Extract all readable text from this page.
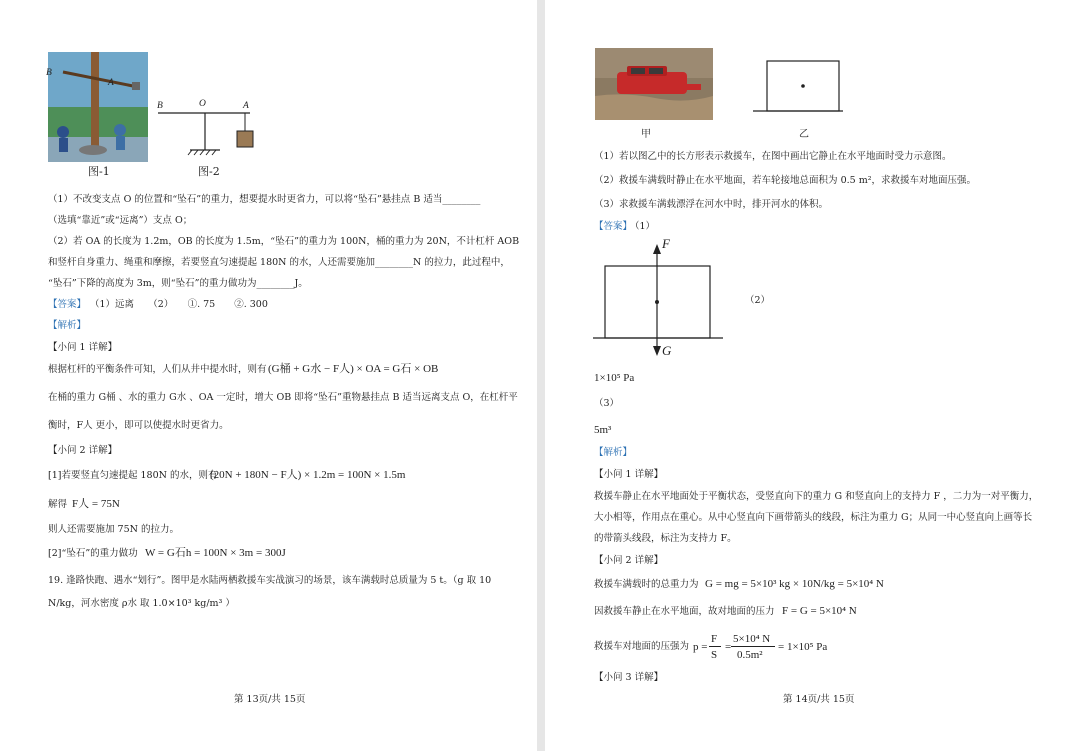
B
A
图-1
B	O	A
图-2
（1）不改变支点 O 的位置和“坠石”的重力，想要提水时更省力，可以将“坠石”悬挂点 B 适当________
（选填“靠近”或“远离”）支点 O；
（2）若 OA 的长度为 1.2m，OB 的长度为 1.5m，“坠石”的重力为 100N，桶的重力为 20N，不计杠杆 AOB
和竖杆自身重力、绳重和摩擦，若要竖直匀速提起 180N 的水，人还需要施加________N 的拉力，此过程中，
“坠石”下降的高度为 3m，则“坠石”的重力做功为________J。
【答案】 （1）远离　　（2）　　①. 75　　②. 300
【解析】
【小问 1 详解】
根据杠杆的平衡条件可知，人们从井中提水时，则有 (G桶 + G水 − F人) × OA = G石 × OB
在桶的重力 G桶 、水的重力 G水 、OA 一定时，增大 OB 即将“坠石”重物悬挂点 B 适当远离支点 O，在杠杆平
衡时，F人 更小，即可以使提水时更省力。
【小问 2 详解】
[1]若要竖直匀速提起 180N 的水，则有
(20N + 180N − F人) × 1.2m = 100N × 1.5m
解得 F人 = 75N
则人还需要施加 75N 的拉力。
[2]“坠石”的重力做功 W = G石h = 100N × 3m = 300J
19. 逢路快跑、遇水“划行”。图甲是水陆两栖救援车实战演习的场景，该车满载时总质量为 5 t。（g 取 10
N/kg，河水密度 ρ水 取 1.0×10³ kg/m³ ）
第 13页/共 15页
甲	乙
（1）若以图乙中的长方形表示救援车，在图中画出它静止在水平地面时受力示意图。
（2）救援车满载时静止在水平地面，若车轮接地总面积为 0.5 m²，求救援车对地面压强。
（3）求救援车满载漂浮在河水中时，排开河水的体积。
【答案】
（1）
F
G
（2）
1×10⁵ Pa
（3）
5m³
【解析】
【小问 1 详解】
救援车静止在水平地面处于平衡状态，受竖直向下的重力 G 和竖直向上的支持力 F ，二力为一对平衡力，
大小相等，作用点在重心。从中心竖直向下画带箭头的线段，标注为重力 G；从同一中心竖直向上画等长
的带箭头线段，标注为支持力 F。
【小问 2 详解】
救援车满载时的总重力为 G = mg = 5×10³ kg × 10N/kg = 5×10⁴ N
因救援车静止在水平地面，故对地面的压力 F = G = 5×10⁴ N
救援车对地面的压强为 p =
F
S
=
5×10⁴ N
0.5m²
= 1×10⁵ Pa
【小问 3 详解】
第 14页/共 15页
